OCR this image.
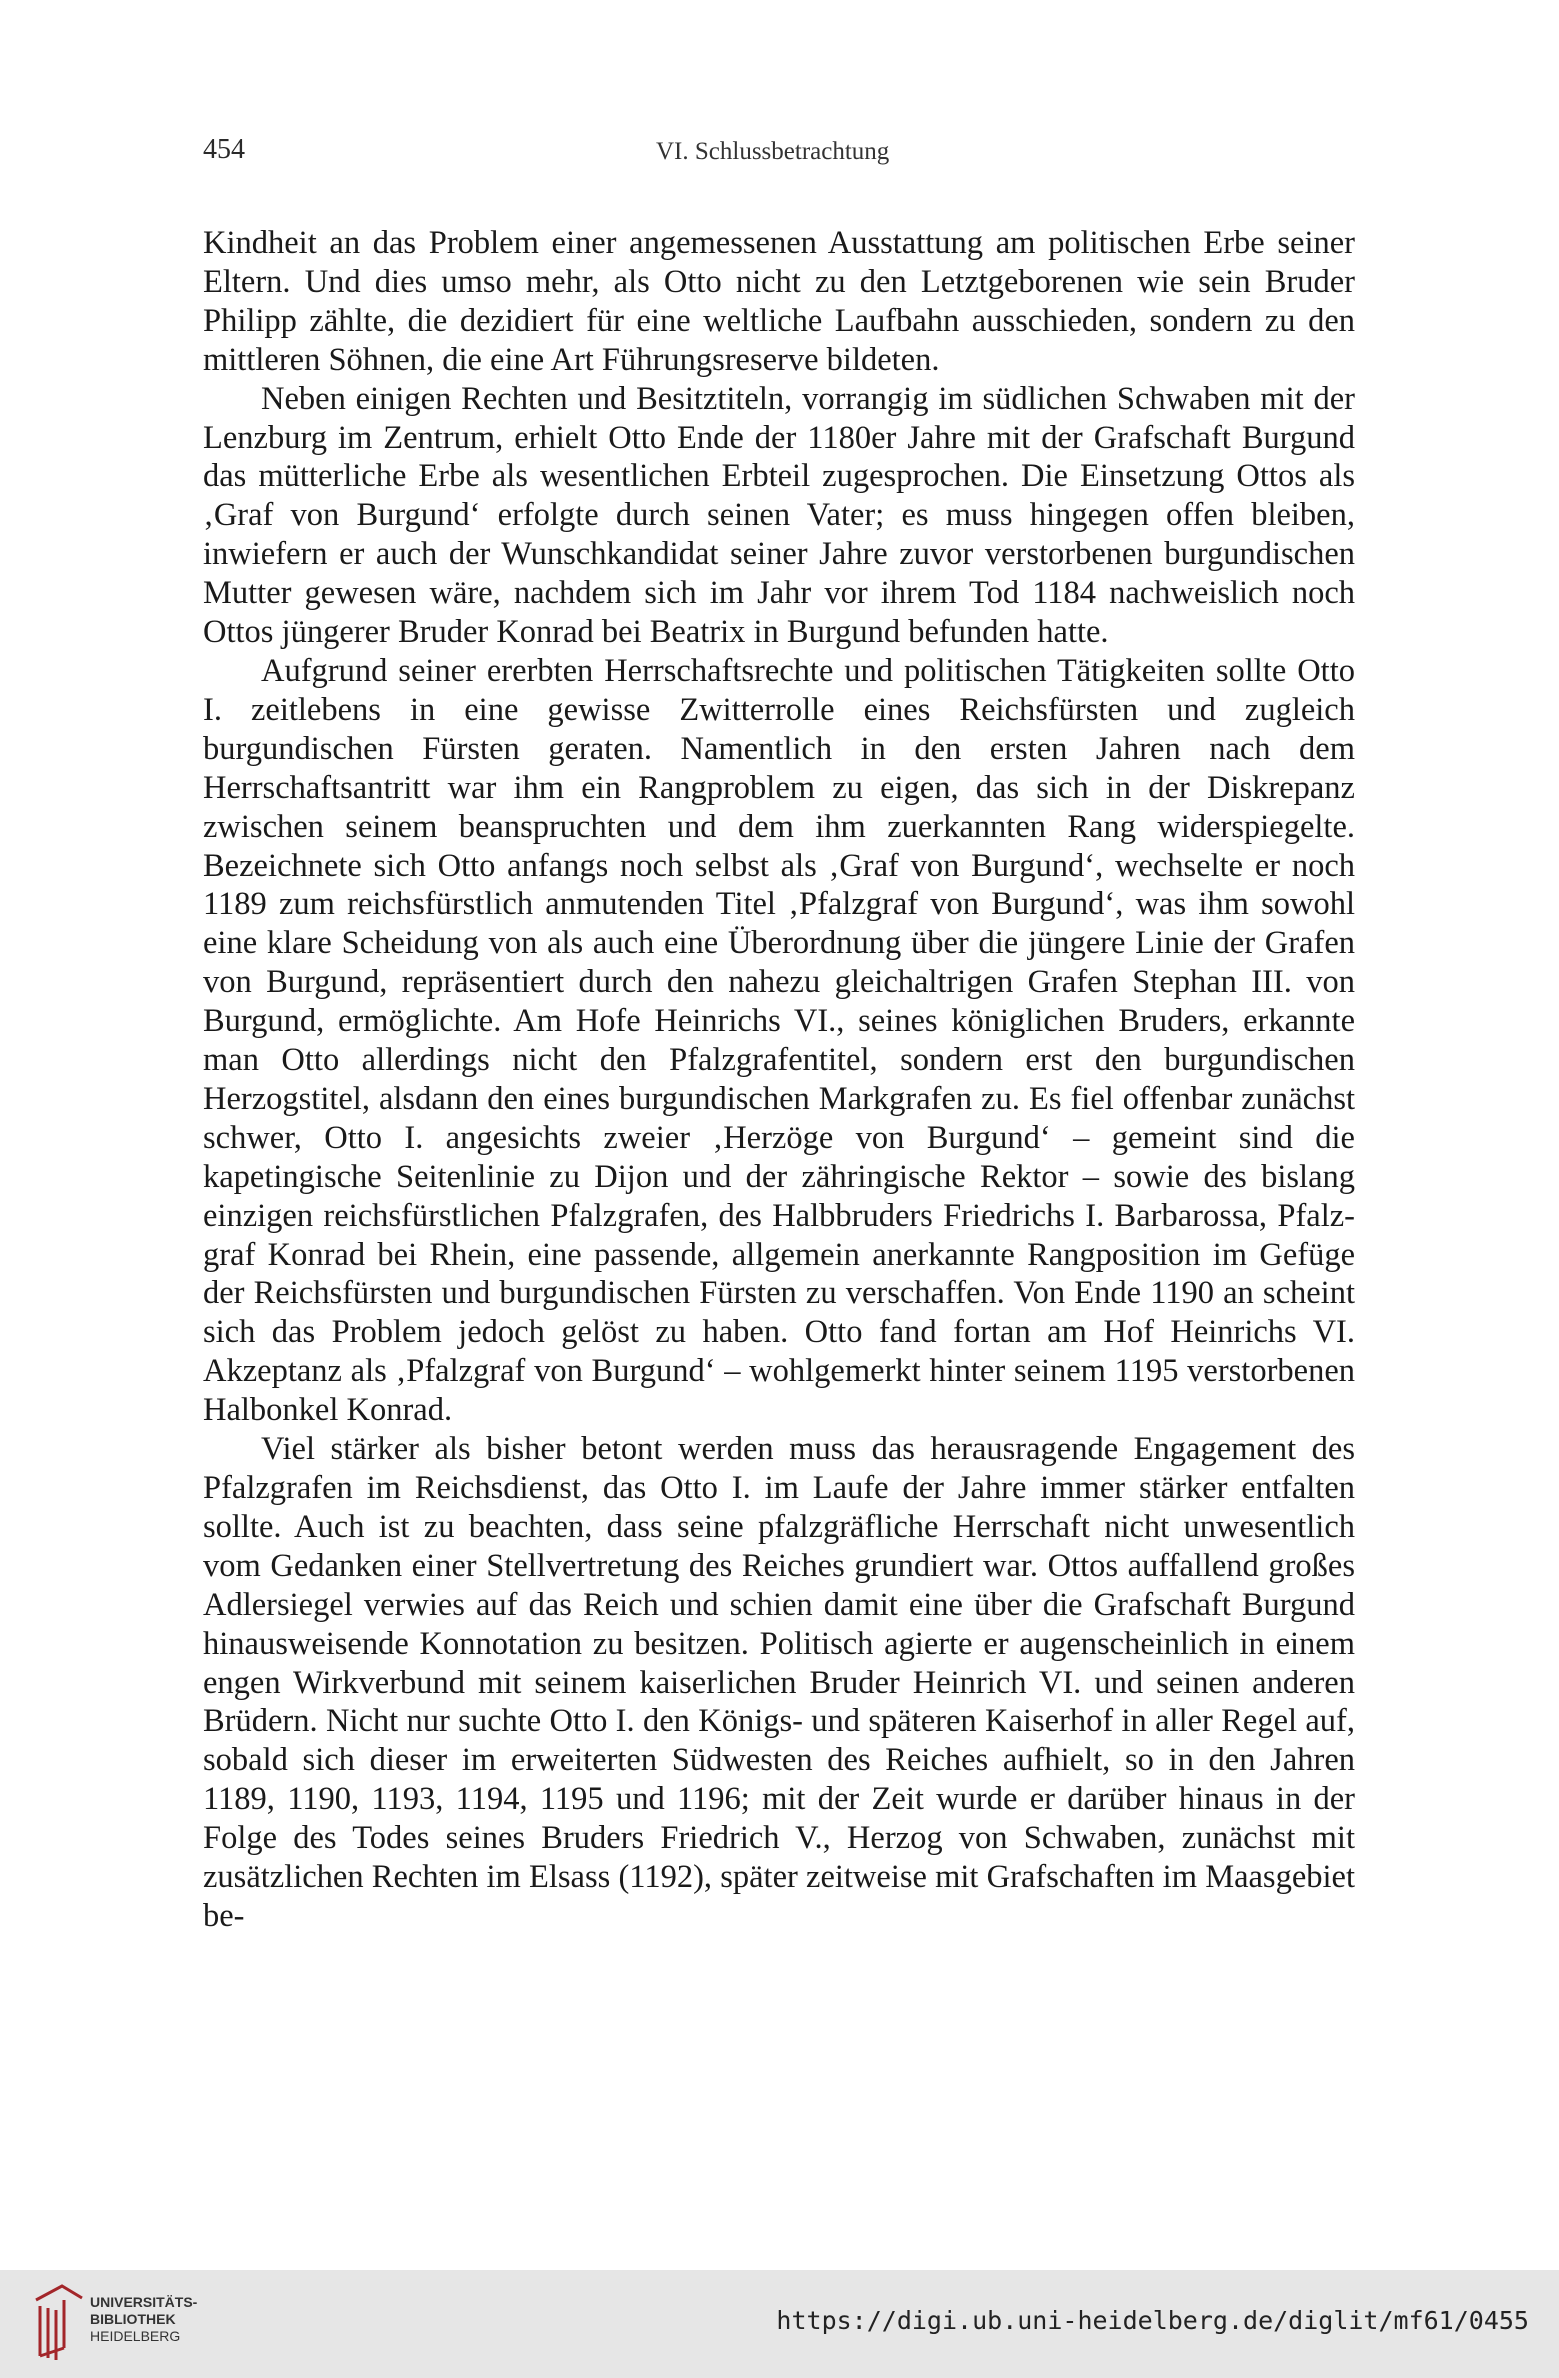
454	VI. Schlussbetrachtung

Kindheit an das Problem einer angemessenen Ausstattung am politischen Erbe seiner Eltern. Und dies umso mehr, als Otto nicht zu den Letztgeborenen wie sein Bruder Philipp zählte, die dezidiert für eine weltliche Laufbahn ausschieden, sondern zu den mittleren Söhnen, die eine Art Führungsreserve bildeten.

Neben einigen Rechten und Besitztiteln, vorrangig im südlichen Schwaben mit der Lenzburg im Zentrum, erhielt Otto Ende der 1180er Jahre mit der Grafschaft Burgund das mütterliche Erbe als wesentlichen Erbteil zugesprochen. Die Einsetzung Ottos als ‚Graf von Burgund‘ erfolgte durch seinen Vater; es muss hingegen offen bleiben, inwiefern er auch der Wunschkandidat seiner Jahre zuvor verstorbenen burgundischen Mutter gewesen wäre, nachdem sich im Jahr vor ihrem Tod 1184 nachweislich noch Ottos jüngerer Bruder Konrad bei Beatrix in Burgund befunden hatte.

Aufgrund seiner ererbten Herrschaftsrechte und politischen Tätigkeiten sollte Otto I. zeitlebens in eine gewisse Zwitterrolle eines Reichsfürsten und zugleich burgundischen Fürsten geraten. Namentlich in den ersten Jahren nach dem Herrschaftsantritt war ihm ein Rangproblem zu eigen, das sich in der Diskrepanz zwischen seinem beanspruchten und dem ihm zuerkannten Rang widerspiegelte. Bezeichnete sich Otto anfangs noch selbst als ‚Graf von Burgund‘, wechselte er noch 1189 zum reichsfürstlich anmutenden Titel ‚Pfalzgraf von Burgund‘, was ihm sowohl eine klare Scheidung von als auch eine Überordnung über die jüngere Linie der Grafen von Burgund, repräsentiert durch den nahezu gleichaltrigen Grafen Stephan III. von Burgund, ermöglichte. Am Hofe Heinrichs VI., seines königlichen Bruders, erkannte man Otto allerdings nicht den Pfalzgrafentitel, sondern erst den burgundischen Herzogstitel, alsdann den eines burgundischen Markgrafen zu. Es fiel offenbar zunächst schwer, Otto I. angesichts zweier ‚Herzöge von Burgund‘ – gemeint sind die kapetingische Seitenlinie zu Dijon und der zähringische Rektor – sowie des bislang einzigen reichsfürstlichen Pfalzgrafen, des Halbbruders Friedrichs I. Barbarossa, Pfalzgraf Konrad bei Rhein, eine passende, allgemein anerkannte Rangposition im Gefüge der Reichsfürsten und burgundischen Fürsten zu verschaffen. Von Ende 1190 an scheint sich das Problem jedoch gelöst zu haben. Otto fand fortan am Hof Heinrichs VI. Akzeptanz als ‚Pfalzgraf von Burgund‘ – wohlgemerkt hinter seinem 1195 verstorbenen Halbonkel Konrad.

Viel stärker als bisher betont werden muss das herausragende Engagement des Pfalzgrafen im Reichsdienst, das Otto I. im Laufe der Jahre immer stärker entfalten sollte. Auch ist zu beachten, dass seine pfalzgräfliche Herrschaft nicht unwesentlich vom Gedanken einer Stellvertretung des Reiches grundiert war. Ottos auffallend großes Adlersiegel verwies auf das Reich und schien damit eine über die Grafschaft Burgund hinausweisende Konnotation zu besitzen. Politisch agierte er augenscheinlich in einem engen Wirkverbund mit seinem kaiserlichen Bruder Heinrich VI. und seinen anderen Brüdern. Nicht nur suchte Otto I. den Königs- und späteren Kaiserhof in aller Regel auf, sobald sich dieser im erweiterten Südwesten des Reiches aufhielt, so in den Jahren 1189, 1190, 1193, 1194, 1195 und 1196; mit der Zeit wurde er darüber hinaus in der Folge des Todes seines Bruders Friedrich V., Herzog von Schwaben, zunächst mit zusätzlichen Rechten im Elsass (1192), später zeitweise mit Grafschaften im Maasgebiet be-

UNIVERSITÄTS-
BIBLIOTHEK
HEIDELBERG
https://digi.ub.uni-heidelberg.de/diglit/mf61/0455
